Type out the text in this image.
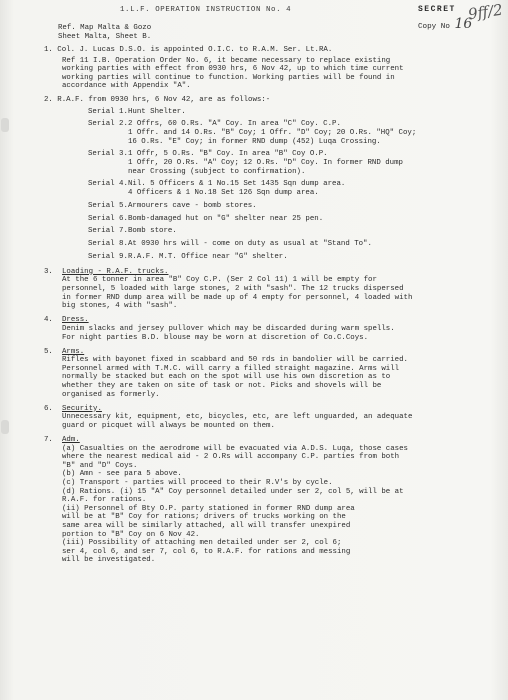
1.L.F. OPERATION INSTRUCTION No. 4	SECRET
Copy No 16
9ff/2
Ref. Map Malta & Gozo
Sheet Malta, Sheet B.
1. Col. J. Lucas D.S.O. is appointed O.I.C. to R.A.M. Ser. Lt.RA.
Ref 11 I.B. Operation Order No. 6, it became necessary to replace existing
working parties with effect from 0930 hrs, 6 Nov 42, up to which time current
working parties will continue to function. Working parties will be found in
accordance with Appendix "A".
2. R.A.F. from 0930 hrs, 6 Nov 42, are as follows:-
Serial 1. Hunt Shelter.
Serial 2. 2 Offrs, 60 O.Rs. "A" Coy. In area "C" Coy. C.P.
1 Offr. and 14 O.Rs. "B" Coy; 1 Offr. "D" Coy; 20 O.Rs. "HQ" Coy;
16 O.Rs. "E" Coy; in former RND dump (452) Luqa Crossing.
Serial 3. 1 Offr, 5 O.Rs. "B" Coy. In area "B" Coy O.P.
1 Offr, 20 O.Rs. "A" Coy; 12 O.Rs. "D" Coy. In former RND dump
near Crossing (subject to confirmation).
Serial 4. Nil. 5 Officers & 1 No.15 Set 1435 Sqn dump area.
4 Officers & 1 No.18 Set 126 Sqn dump area.
Serial 5. Armourers cave - bomb stores.
Serial 6. Bomb-damaged hut on "G" shelter near 25 pen.
Serial 7. Bomb store.
Serial 8. At 0930 hrs will - come on duty as usual at "Stand To".
Serial 9. R.A.F. M.T. Office near "G" shelter.
3. Loading - R.A.F. trucks.
At the 6 tonner in area "B" Coy C.P. (Ser 2 Col 11) 1 will be empty for
personnel, 5 loaded with large stones, 2 with "sash". The 12 trucks dispersed
in former RND dump area will be made up of 4 empty for personnel, 4 loaded with
big stones, 4 with "sash".
4. Dress.
Denim slacks and jersey pullover which may be discarded during warm spells.
For night parties B.D. blouse may be worn at discretion of Co.C.Coys.
5. Arms.
Rifles with bayonet fixed in scabbard and 50 rds in bandolier will be carried.
Personnel armed with T.M.C. will carry a filled straight magazine. Arms will
normally be stacked but each on the spot will use his own discretion as to
whether they are taken on site of task or not. Picks and shovels will be
organised as formerly.
6. Security.
Unnecessary kit, equipment, etc, bicycles, etc, are left unguarded, an adequate
guard or picquet will always be mounted on them.
7. Adm.
(a) Casualties on the aerodrome will be evacuated via A.D.S. Luqa, those cases
where the nearest medical aid - 2 O.Rs will accompany C.P. parties from both
"B" and "D" Coys.
(b) Amn - see para 5 above.
(c) Transport - parties will proceed to their R.V's by cycle.
(d) Rations. (i) 15 "A" Coy personnel detailed under ser 2, col 5, will be at
R.A.F. for rations.
(ii) Personnel of Bty O.P. party stationed in former RND dump area
will be at "B" Coy for rations; drivers of trucks working on the
same area will be similarly attached, all will transfer unexpired
portion to "B" Coy on 6 Nov 42.
(iii) Possibility of attaching men detailed under ser 2, col 6;
ser 4, col 6, and ser 7, col 6, to R.A.F. for rations and messing
will be investigated.
